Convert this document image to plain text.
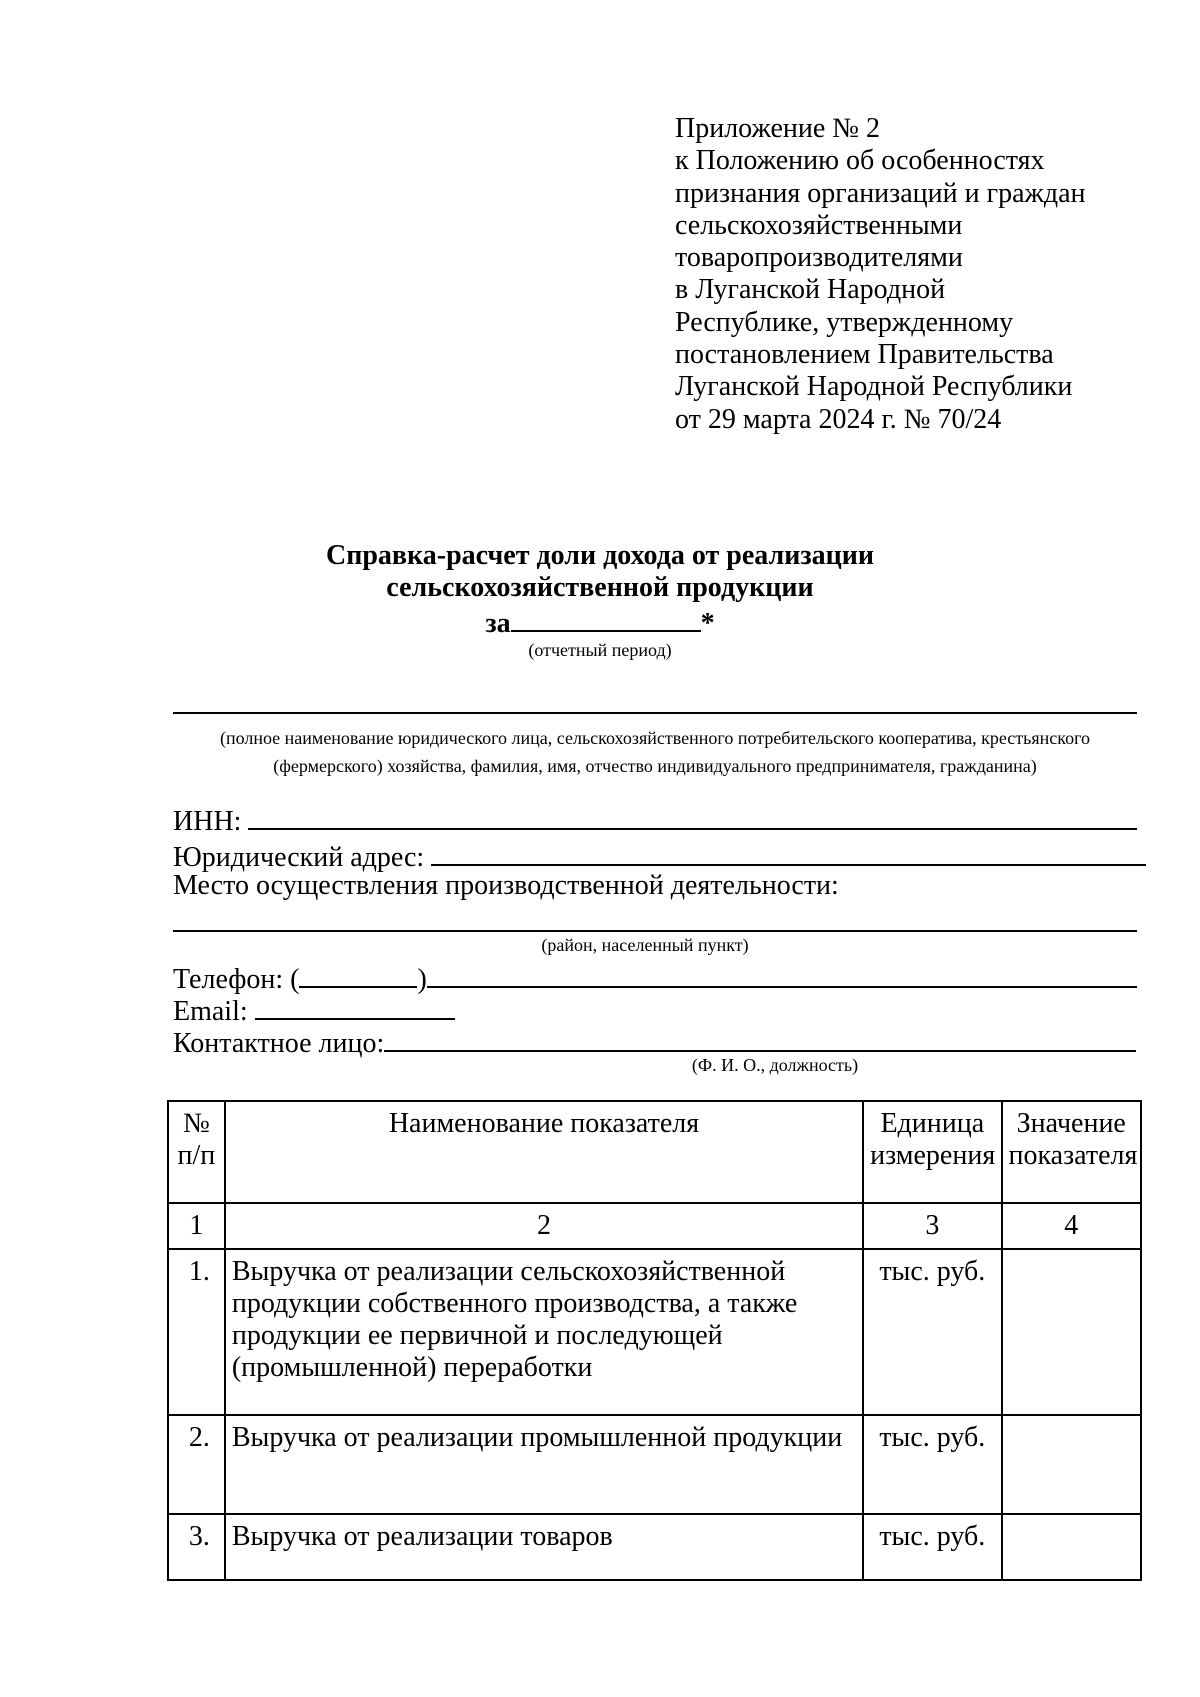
Приложение № 2
к Положению об особенностях
признания организаций и граждан
сельскохозяйственными
товаропроизводителями
в Луганской Народной
Республике, утвержденному
постановлением Правительства
Луганской Народной Республики
от 29 марта 2024 г. № 70/24
Справка-расчет доли дохода от реализации
сельскохозяйственной продукции
за	*
(отчетный период)
(полное наименование юридического лица, сельскохозяйственного потребительского кооператива, крестьянского (фермерского) хозяйства, фамилия, имя, отчество индивидуального предпринимателя, гражданина)
ИНН:
Юридический адрес:
Место осуществления производственной деятельности:
(район, населенный пункт)
Телефон: (	)
Email:
Контактное лицо:
(Ф. И. О., должность)
№ п/п	Наименование показателя	Единица измерения	Значение показателя
1	2	3	4
1.	Выручка от реализации сельскохозяйственной продукции собственного производства, а также продукции ее первичной и последующей (промышленной) переработки	тыс. руб.	
2.	Выручка от реализации промышленной продукции	тыс. руб.	
3.	Выручка от реализации товаров	тыс. руб.	
